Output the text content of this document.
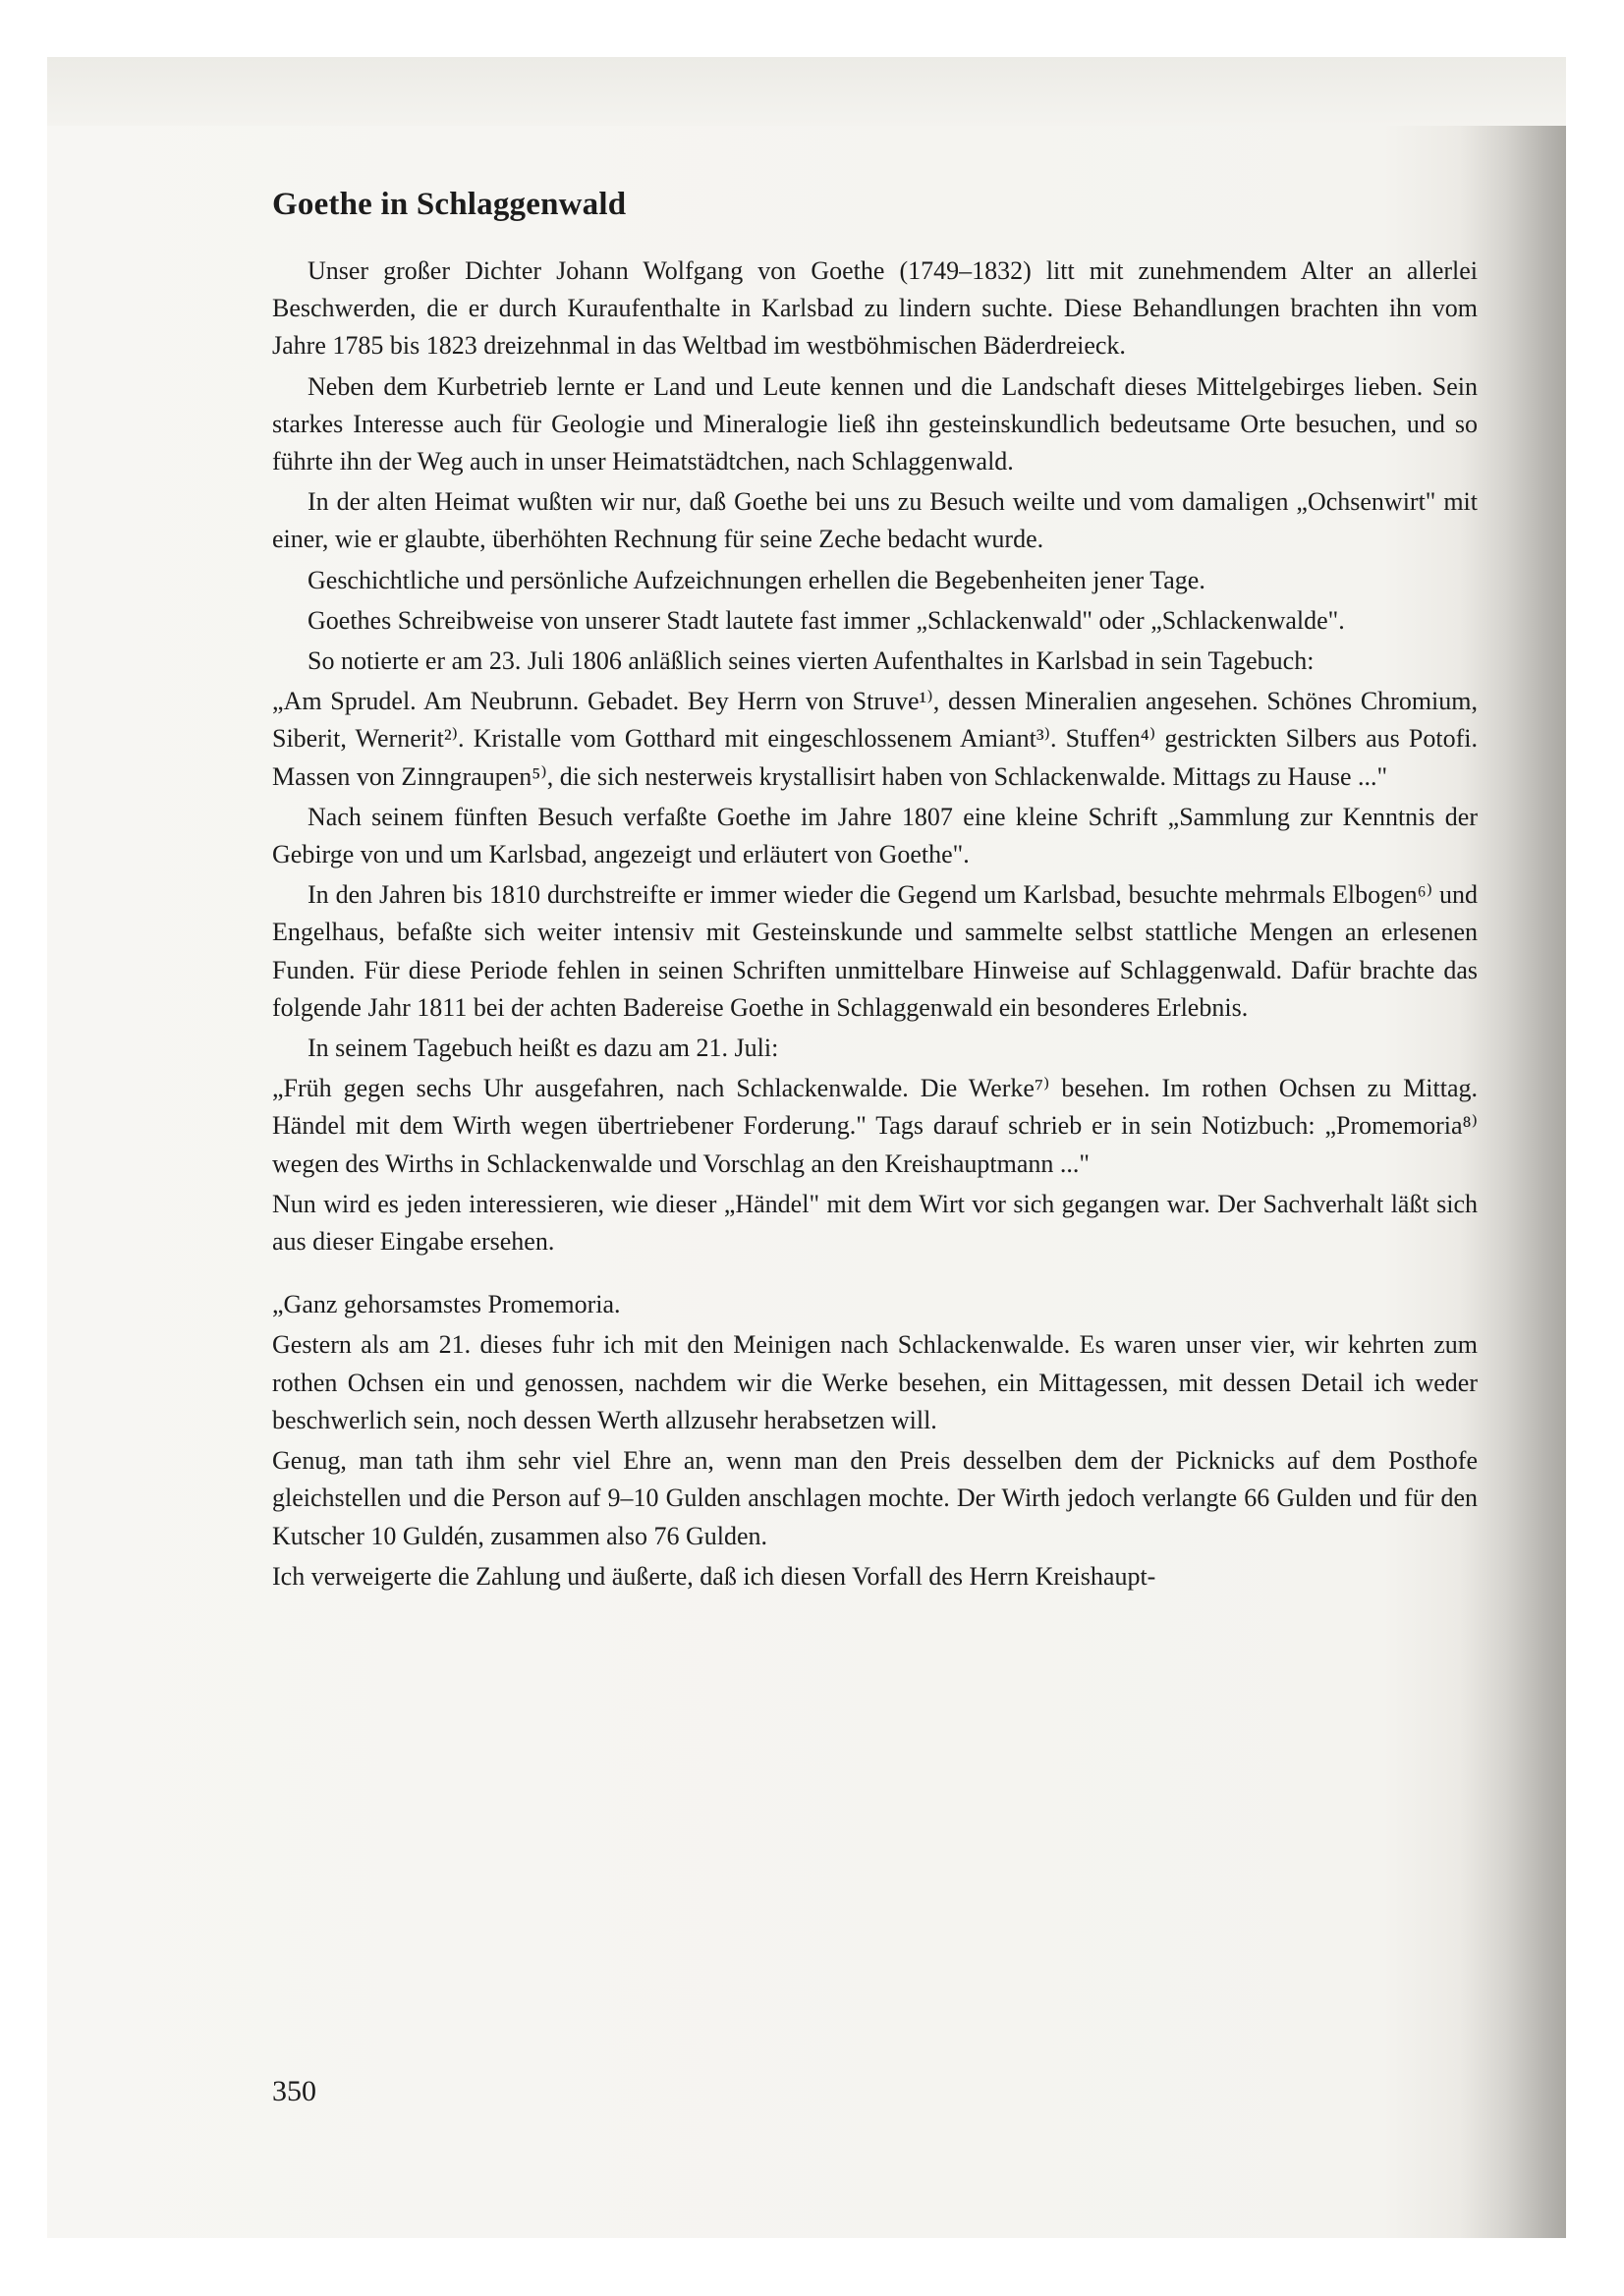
Goethe in Schlaggenwald
Unser großer Dichter Johann Wolfgang von Goethe (1749–1832) litt mit zunehmendem Alter an allerlei Beschwerden, die er durch Kuraufenthalte in Karlsbad zu lindern suchte. Diese Behandlungen brachten ihn vom Jahre 1785 bis 1823 dreizehnmal in das Weltbad im westböhmischen Bäderdreieck.
Neben dem Kurbetrieb lernte er Land und Leute kennen und die Landschaft dieses Mittelgebirges lieben. Sein starkes Interesse auch für Geologie und Mineralogie ließ ihn gesteinskundlich bedeutsame Orte besuchen, und so führte ihn der Weg auch in unser Heimatstädtchen, nach Schlaggenwald.
In der alten Heimat wußten wir nur, daß Goethe bei uns zu Besuch weilte und vom damaligen „Ochsenwirt" mit einer, wie er glaubte, überhöhten Rechnung für seine Zeche bedacht wurde.
Geschichtliche und persönliche Aufzeichnungen erhellen die Begebenheiten jener Tage.
Goethes Schreibweise von unserer Stadt lautete fast immer „Schlackenwald" oder „Schlackenwalde".
So notierte er am 23. Juli 1806 anläßlich seines vierten Aufenthaltes in Karlsbad in sein Tagebuch:
„Am Sprudel. Am Neubrunn. Gebadet. Bey Herrn von Struve¹⁾, dessen Mineralien angesehen. Schönes Chromium, Siberit, Wernerit²⁾. Kristalle vom Gotthard mit eingeschlossenem Amiant³⁾. Stuffen⁴⁾ gestrickten Silbers aus Potofi. Massen von Zinngraupen⁵⁾, die sich nesterweis krystallisirt haben von Schlackenwalde. Mittags zu Hause ..."
Nach seinem fünften Besuch verfaßte Goethe im Jahre 1807 eine kleine Schrift „Sammlung zur Kenntnis der Gebirge von und um Karlsbad, angezeigt und erläutert von Goethe".
In den Jahren bis 1810 durchstreifte er immer wieder die Gegend um Karlsbad, besuchte mehrmals Elbogen⁶⁾ und Engelhaus, befaßte sich weiter intensiv mit Gesteinskunde und sammelte selbst stattliche Mengen an erlesenen Funden. Für diese Periode fehlen in seinen Schriften unmittelbare Hinweise auf Schlaggenwald. Dafür brachte das folgende Jahr 1811 bei der achten Badereise Goethe in Schlaggenwald ein besonderes Erlebnis.
In seinem Tagebuch heißt es dazu am 21. Juli:
„Früh gegen sechs Uhr ausgefahren, nach Schlackenwalde. Die Werke⁷⁾ besehen. Im rothen Ochsen zu Mittag. Händel mit dem Wirth wegen übertriebener Forderung." Tags darauf schrieb er in sein Notizbuch: „Promemoria⁸⁾ wegen des Wirths in Schlackenwalde und Vorschlag an den Kreishauptmann ..."
Nun wird es jeden interessieren, wie dieser „Händel" mit dem Wirt vor sich gegangen war. Der Sachverhalt läßt sich aus dieser Eingabe ersehen.
„Ganz gehorsamstes Promemoria.
Gestern als am 21. dieses fuhr ich mit den Meinigen nach Schlackenwalde. Es waren unser vier, wir kehrten zum rothen Ochsen ein und genossen, nachdem wir die Werke besehen, ein Mittagessen, mit dessen Detail ich weder beschwerlich sein, noch dessen Werth allzusehr herabsetzen will.
Genug, man tath ihm sehr viel Ehre an, wenn man den Preis desselben dem der Picknicks auf dem Posthofe gleichstellen und die Person auf 9–10 Gulden anschlagen mochte. Der Wirth jedoch verlangte 66 Gulden und für den Kutscher 10 Guldén, zusammen also 76 Gulden.
Ich verweigerte die Zahlung und äußerte, daß ich diesen Vorfall des Herrn Kreishaupt-
350
